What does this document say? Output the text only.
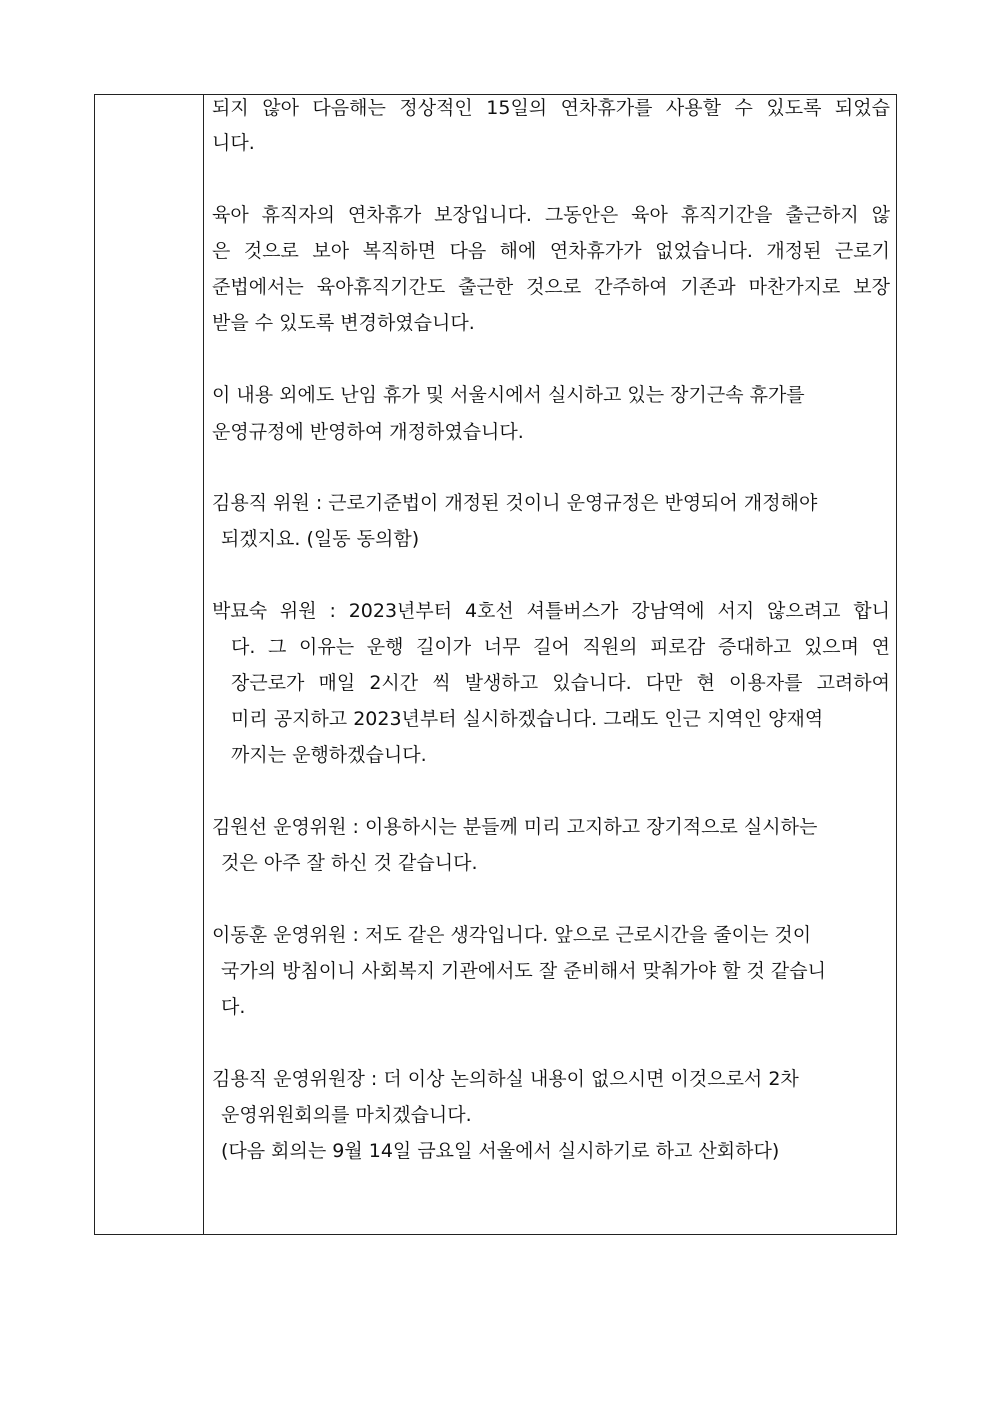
되지 않아 다음해는 정상적인 15일의 연차휴가를 사용할 수 있도록 되었습

니다.

육아 휴직자의 연차휴가 보장입니다. 그동안은 육아 휴직기간을 출근하지 않

은 것으로 보아 복직하면 다음 해에 연차휴가가 없었습니다. 개정된 근로기

준법에서는 육아휴직기간도 출근한 것으로 간주하여 기존과 마찬가지로 보장

받을 수 있도록 변경하였습니다.

이 내용 외에도 난임 휴가 및 서울시에서 실시하고 있는 장기근속 휴가를

운영규정에 반영하여 개정하였습니다.

김용직 위원 : 근로기준법이 개정된 것이니 운영규정은 반영되어 개정해야

되겠지요. (일동 동의함)

박묘숙 위원 : 2023년부터 4호선 셔틀버스가 강남역에 서지 않으려고 합니

다. 그 이유는 운행 길이가 너무 길어 직원의 피로감 증대하고 있으며 연

장근로가 매일 2시간 씩 발생하고 있습니다. 다만 현 이용자를 고려하여

미리 공지하고 2023년부터 실시하겠습니다. 그래도 인근 지역인 양재역

까지는 운행하겠습니다.

김원선 운영위원 : 이용하시는 분들께 미리 고지하고 장기적으로 실시하는

것은 아주 잘 하신 것 같습니다.

이동훈 운영위원 : 저도 같은 생각입니다. 앞으로 근로시간을 줄이는 것이

국가의 방침이니 사회복지 기관에서도 잘 준비해서 맞춰가야 할 것 같습니

다.

김용직 운영위원장 : 더 이상 논의하실 내용이 없으시면 이것으로서 2차

운영위원회의를 마치겠습니다.

(다음 회의는 9월 14일 금요일 서울에서 실시하기로 하고 산회하다)
